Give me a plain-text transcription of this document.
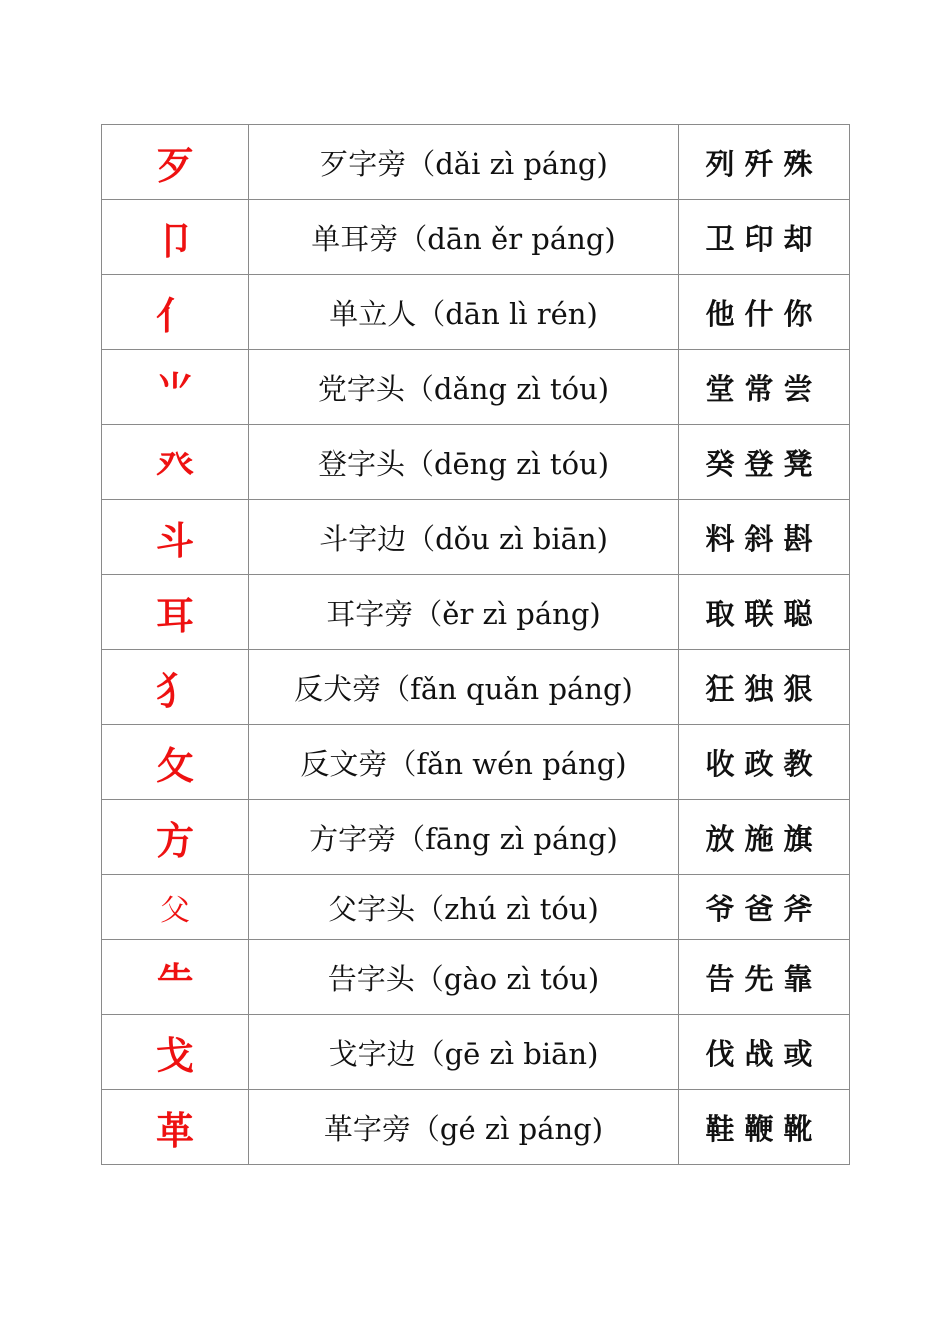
歹	歹字旁（dǎi zì páng)	列歼殊
卩	单耳旁（dān ěr páng)	卫印却
亻	单立人（dān lì rén)	他什你
⺌	党字头（dǎng zì tóu)	堂常尝
癶	登字头（dēng zì tóu)	癸登凳
斗	斗字边（dǒu zì biān)	料斜斟
耳	耳字旁（ěr zì páng)	取联聪
犭	反犬旁（fǎn quǎn páng)	狂独狠
攵	反文旁（fǎn wén páng)	收政教
方	方字旁（fāng zì páng)	放施旗
父	父字头（zhú zì tóu)	爷爸斧
⺧	告字头（gào zì tóu)	告先靠
戈	戈字边（gē zì biān)	伐战或
革	革字旁（gé zì páng)	鞋鞭靴
